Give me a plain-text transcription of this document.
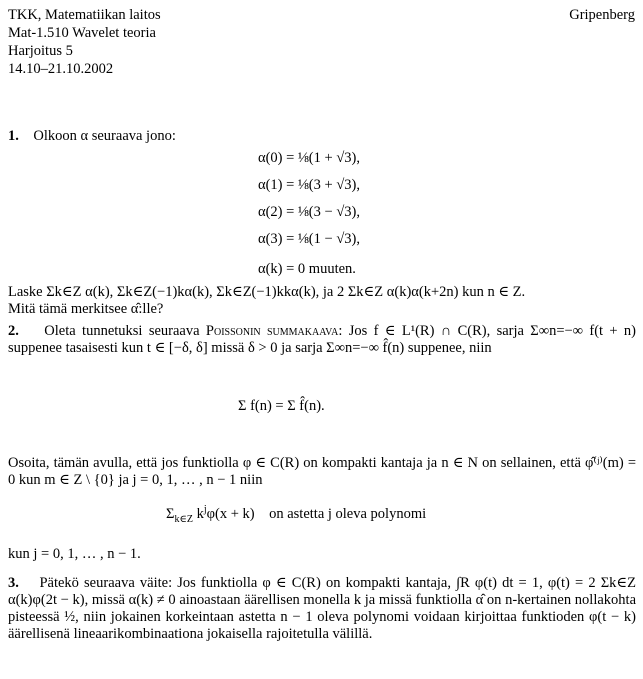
TKK, Matematiikan laitos	Gripenberg
Mat-1.510 Wavelet teoria
Harjoitus 5
14.10–21.10.2002
1. Olkoon α seuraava jono:
α(0) = ⅛(1 + √3),
α(1) = ⅛(3 + √3),
α(2) = ⅛(3 − √3),
α(3) = ⅛(1 − √3),
α(k) = 0 muuten.
Laske Σk∈Z α(k), Σk∈Z(−1)kα(k), Σk∈Z(−1)kkα(k), ja 2 Σk∈Z α(k)α(k+2n) kun n ∈ Z.
Mitä tämä merkitsee α̂:lle?
2. Oleta tunnetuksi seuraava Poissonin summakaava: Jos f ∈ L¹(R) ∩ C(R), sarja Σ∞n=−∞ f(t + n) suppenee tasaisesti kun t ∈ [−δ, δ] missä δ > 0 ja sarja Σ∞n=−∞ f̂(n) suppenee, niin
Σ f(n) = Σ f̂(n).
Osoita, tämän avulla, että jos funktiolla φ ∈ C(R) on kompakti kantaja ja n ∈ N on sellainen, että φ̂⁽ʲ⁾(m) = 0 kun m ∈ Z \ {0} ja j = 0, 1, … , n − 1 niin
$\Sigma_{k\in Z}$ $k^j\varphi(x + k)$    on astetta j oleva polynomi
kun j = 0, 1, … , n − 1.
3. Pätekö seuraava väite: Jos funktiolla φ ∈ C(R) on kompakti kantaja, ∫R φ(t) dt = 1, φ(t) = 2 Σk∈Z α(k)φ(2t − k), missä α(k) ≠ 0 ainoastaan äärellisen monella k ja missä funktiolla α̂ on n-kertainen nollakohta pisteessä ½, niin jokainen korkeintaan astetta n − 1 oleva polynomi voidaan kirjoittaa funktioden φ(t − k) äärellisenä lineaarikombinaationa jokaisella rajoitetulla välillä.
